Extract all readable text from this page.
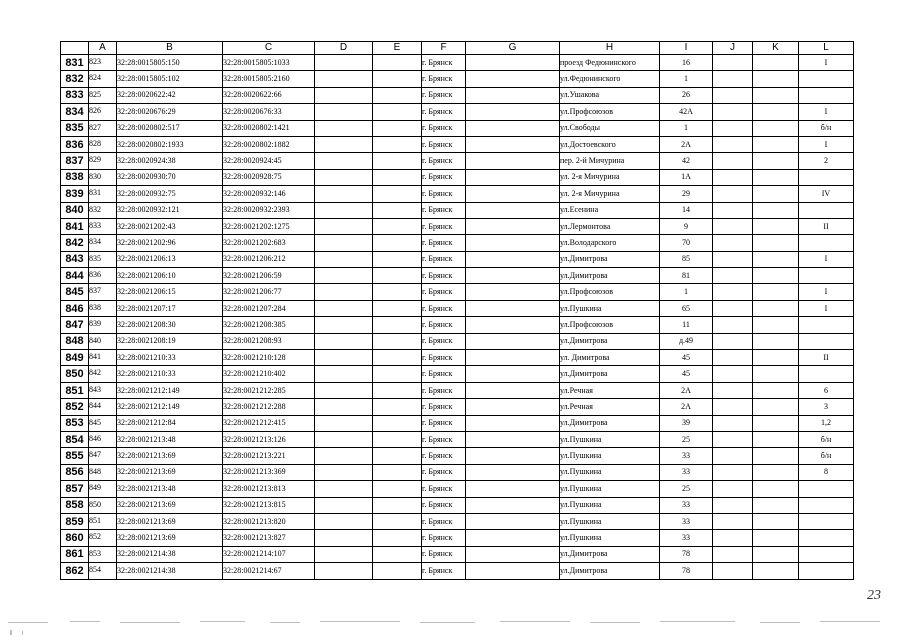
	A	B	C	D	E	F	G	H	I	J	K	L
831	823	32:28:0015805:150	32:28:0015805:1033			г. Брянск		проезд Федюнинского	16			I
832	824	32:28:0015805:102	32:28:0015805:2160			г. Брянск		ул.Федюнинского	1			
833	825	32:28:0020622:42	32:28:0020622:66			г. Брянск		ул.Ушакова	26			
834	826	32:28:0020676:29	32:28:0020676:33			г. Брянск		ул.Профсоюзов	42А			I
835	827	32:28:0020802:517	32:28:0020802:1421			г. Брянск		ул.Свободы	1			б/н
836	828	32:28:0020802:1933	32:28:0020802:1882			г. Брянск		ул.Достоевского	2А			I
837	829	32:28:0020924:38	32:28:0020924:45			г. Брянск		пер. 2-й Мичурина	42			2
838	830	32:28:0020930:70	32:28:0020928:75			г. Брянск		ул. 2-я Мичурина	1А			
839	831	32:28:0020932:75	32:28:0020932:146			г. Брянск		ул. 2-я Мичурина	29			IV
840	832	32:28:0020932:121	32:28:0020932:2393			г. Брянск		ул.Есенина	14			
841	833	32:28:0021202:43	32:28:0021202:1275			г. Брянск		ул.Лермонтова	9			II
842	834	32:28:0021202:96	32:28:0021202:683			г. Брянск		ул.Володарского	70			
843	835	32:28:0021206:13	32:28:0021206:212			г. Брянск		ул.Димитрова	85			I
844	836	32:28:0021206:10	32:28:0021206:59			г. Брянск		ул.Димитрова	81			
845	837	32:28:0021206:15	32:28:0021206:77			г. Брянск		ул.Профсоюзов	1			I
846	838	32:28:0021207:17	32:28:0021207:284			г. Брянск		ул.Пушкина	65			I
847	839	32:28:0021208:30	32:28:0021208:385			г. Брянск		ул.Профсоюзов	11			
848	840	32:28:0021208:19	32:28:0021208:93			г. Брянск		ул.Димитрова	д.49			
849	841	32:28:0021210:33	32:28:0021210:128			г. Брянск		ул. Димитрова	45			II
850	842	32:28:0021210:33	32:28:0021210:402			г. Брянск		ул.Димитрова	45			
851	843	32:28:0021212:149	32:28:0021212:285			г. Брянск		ул.Речная	2А			6
852	844	32:28:0021212:149	32:28:0021212:288			г. Брянск		ул.Речная	2А			3
853	845	32:28:0021212:84	32:28:0021212:415			г. Брянск		ул.Димитрова	39			1,2
854	846	32:28:0021213:48	32:28:0021213:126			г. Брянск		ул.Пушкина	25			б/н
855	847	32:28:0021213:69	32:28:0021213:221			г. Брянск		ул.Пушкина	33			б/н
856	848	32:28:0021213:69	32:28:0021213:369			г. Брянск		ул.Пушкина	33			8
857	849	32:28:0021213:48	32:28:0021213:813			г. Брянск		ул.Пушкина	25			
858	850	32:28:0021213:69	32:28:0021213:815			г. Брянск		ул.Пушкина	33			
859	851	32:28:0021213:69	32:28:0021213:820			г. Брянск		ул.Пушкина	33			
860	852	32:28:0021213:69	32:28:0021213:827			г. Брянск		ул.Пушкина	33			
861	853	32:28:0021214:38	32:28:0021214:107			г. Брянск		ул.Димитрова	78			
862	854	32:28:0021214:38	32:28:0021214:67			г. Брянск		ул.Димитрова	78			
23
